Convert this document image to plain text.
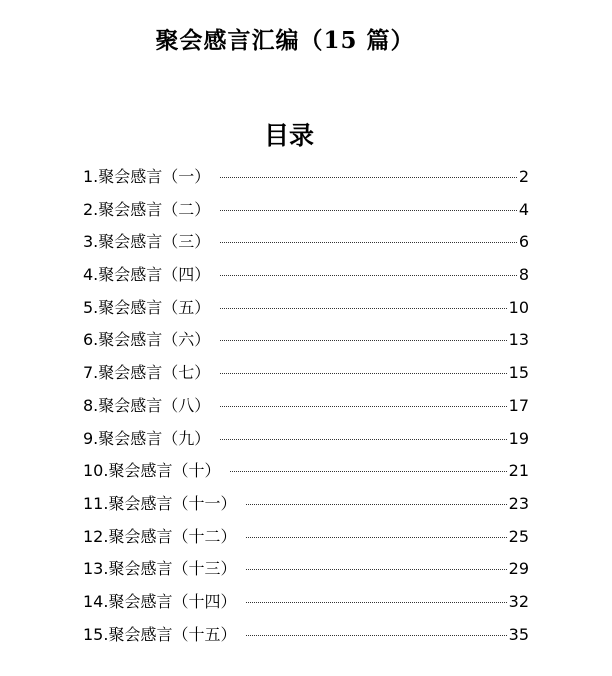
聚会感言汇编（15 篇）
目录
1.聚会感言（一）	2
2.聚会感言（二）	4
3.聚会感言（三）	6
4.聚会感言（四）	8
5.聚会感言（五）	10
6.聚会感言（六）	13
7.聚会感言（七）	15
8.聚会感言（八）	17
9.聚会感言（九）	19
10.聚会感言（十）	21
11.聚会感言（十一）	23
12.聚会感言（十二）	25
13.聚会感言（十三）	29
14.聚会感言（十四）	32
15.聚会感言（十五）	35
